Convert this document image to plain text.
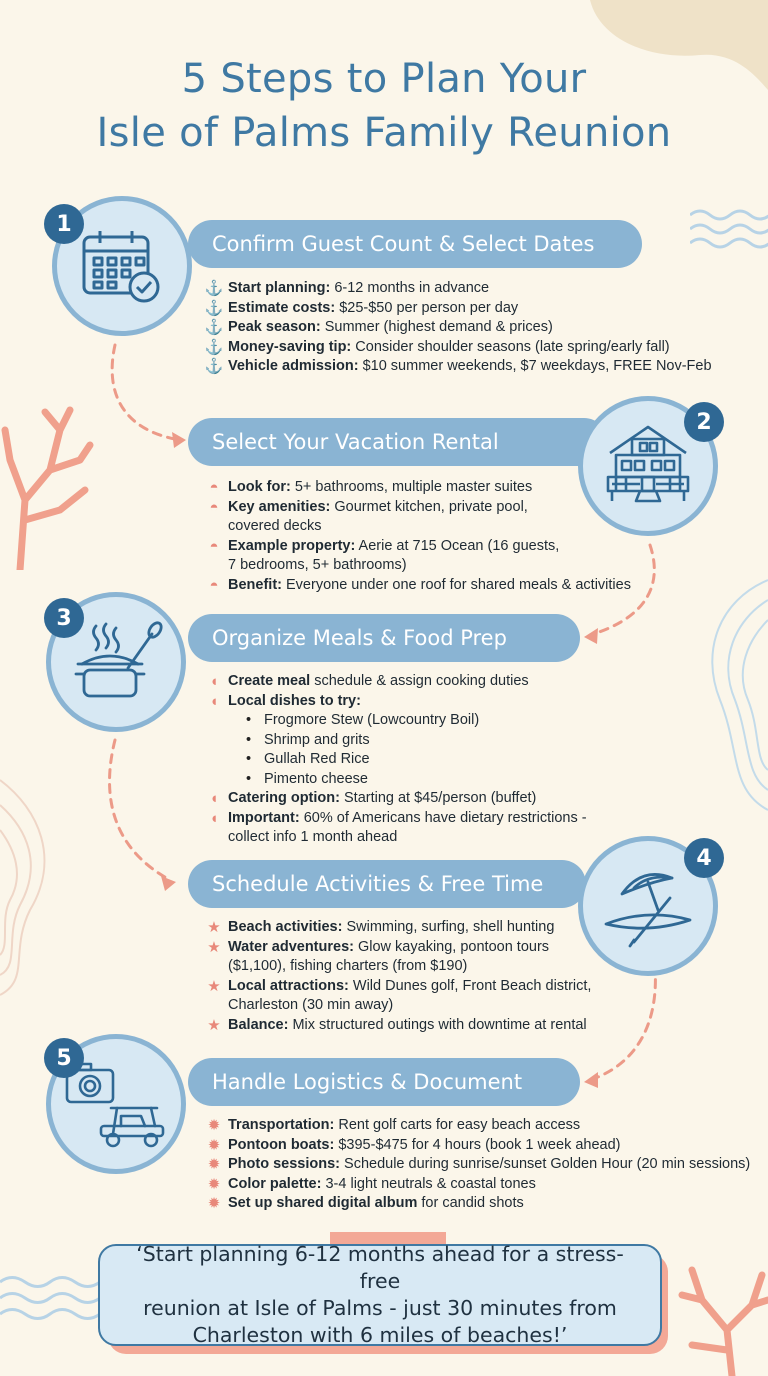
5 Steps to Plan Your
Isle of Palms Family Reunion
Confirm Guest Count & Select Dates
1
⚓ Start planning: 6-12 months in advance
⚓ Estimate costs: $25-$50 per person per day
⚓ Peak season: Summer (highest demand & prices)
⚓ Money-saving tip: Consider shoulder seasons (late spring/early fall)
⚓ Vehicle admission: $10 summer weekends, $7 weekdays, FREE Nov-Feb
Select Your Vacation Rental
2
◓ Look for: 5+ bathrooms, multiple master suites
◓ Key amenities: Gourmet kitchen, private pool,
covered decks
◓ Example property: Aerie at 715 Ocean (16 guests,
7 bedrooms, 5+ bathrooms)
◓ Benefit: Everyone under one roof for shared meals & activities
Organize Meals & Food Prep
3
◖ Create meal schedule & assign cooking duties
◖ Local dishes to try:
• Frogmore Stew (Lowcountry Boil)
• Shrimp and grits
• Gullah Red Rice
• Pimento cheese
◖ Catering option: Starting at $45/person (buffet)
◖ Important: 60% of Americans have dietary restrictions -
collect info 1 month ahead
Schedule Activities & Free Time
4
★ Beach activities: Swimming, surfing, shell hunting
★ Water adventures: Glow kayaking, pontoon tours
($1,100), fishing charters (from $190)
★ Local attractions: Wild Dunes golf, Front Beach district,
Charleston (30 min away)
★ Balance: Mix structured outings with downtime at rental
Handle Logistics & Document
5
✹ Transportation: Rent golf carts for easy beach access
✹ Pontoon boats: $395-$475 for 4 hours (book 1 week ahead)
✹ Photo sessions: Schedule during sunrise/sunset Golden Hour (20 min sessions)
✹ Color palette: 3-4 light neutrals & coastal tones
✹ Set up shared digital album for candid shots
‘Start planning 6-12 months ahead for a stress-free
reunion at Isle of Palms - just 30 minutes from
Charleston with 6 miles of beaches!’
